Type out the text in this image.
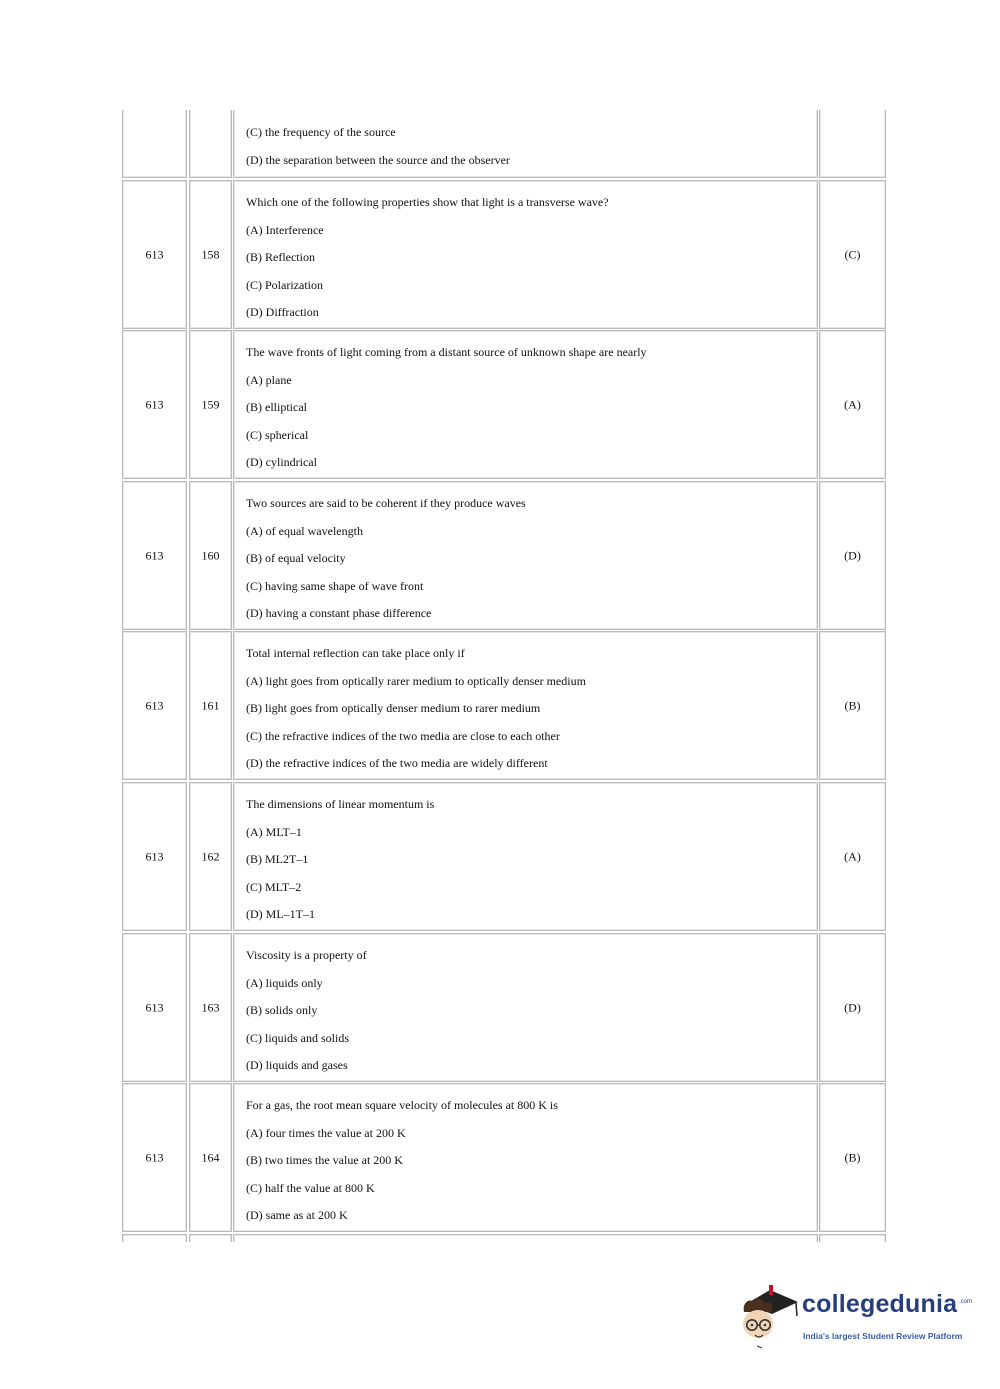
(C) the frequency of the source
(D) the separation between the source and the observer
613	158
Which one of the following properties show that light is a transverse wave?
(A) Interference
(B) Reflection
(C) Polarization
(D) Diffraction
(C)
613	159
The wave fronts of light coming from a distant source of unknown shape are nearly
(A) plane
(B) elliptical
(C) spherical
(D) cylindrical
(A)
613	160
Two sources are said to be coherent if they produce waves
(A) of equal wavelength
(B) of equal velocity
(C) having same shape of wave front
(D) having a constant phase difference
(D)
613	161
Total internal reflection can take place only if
(A) light goes from optically rarer medium to optically denser medium
(B) light goes from optically denser medium to rarer medium
(C) the refractive indices of the two media are close to each other
(D) the refractive indices of the two media are widely different
(B)
613	162
The dimensions of linear momentum is
(A) MLT–1
(B) ML2T–1
(C) MLT–2
(D) ML–1T–1
(A)
613	163
Viscosity is a property of
(A) liquids only
(B) solids only
(C) liquids and solids
(D) liquids and gases
(D)
613	164
For a gas, the root mean square velocity of molecules at 800 K is
(A) four times the value at 200 K
(B) two times the value at 200 K
(C) half the value at 800 K
(D) same as at 200 K
(B)
collegedunia .com
India's largest Student Review Platform
